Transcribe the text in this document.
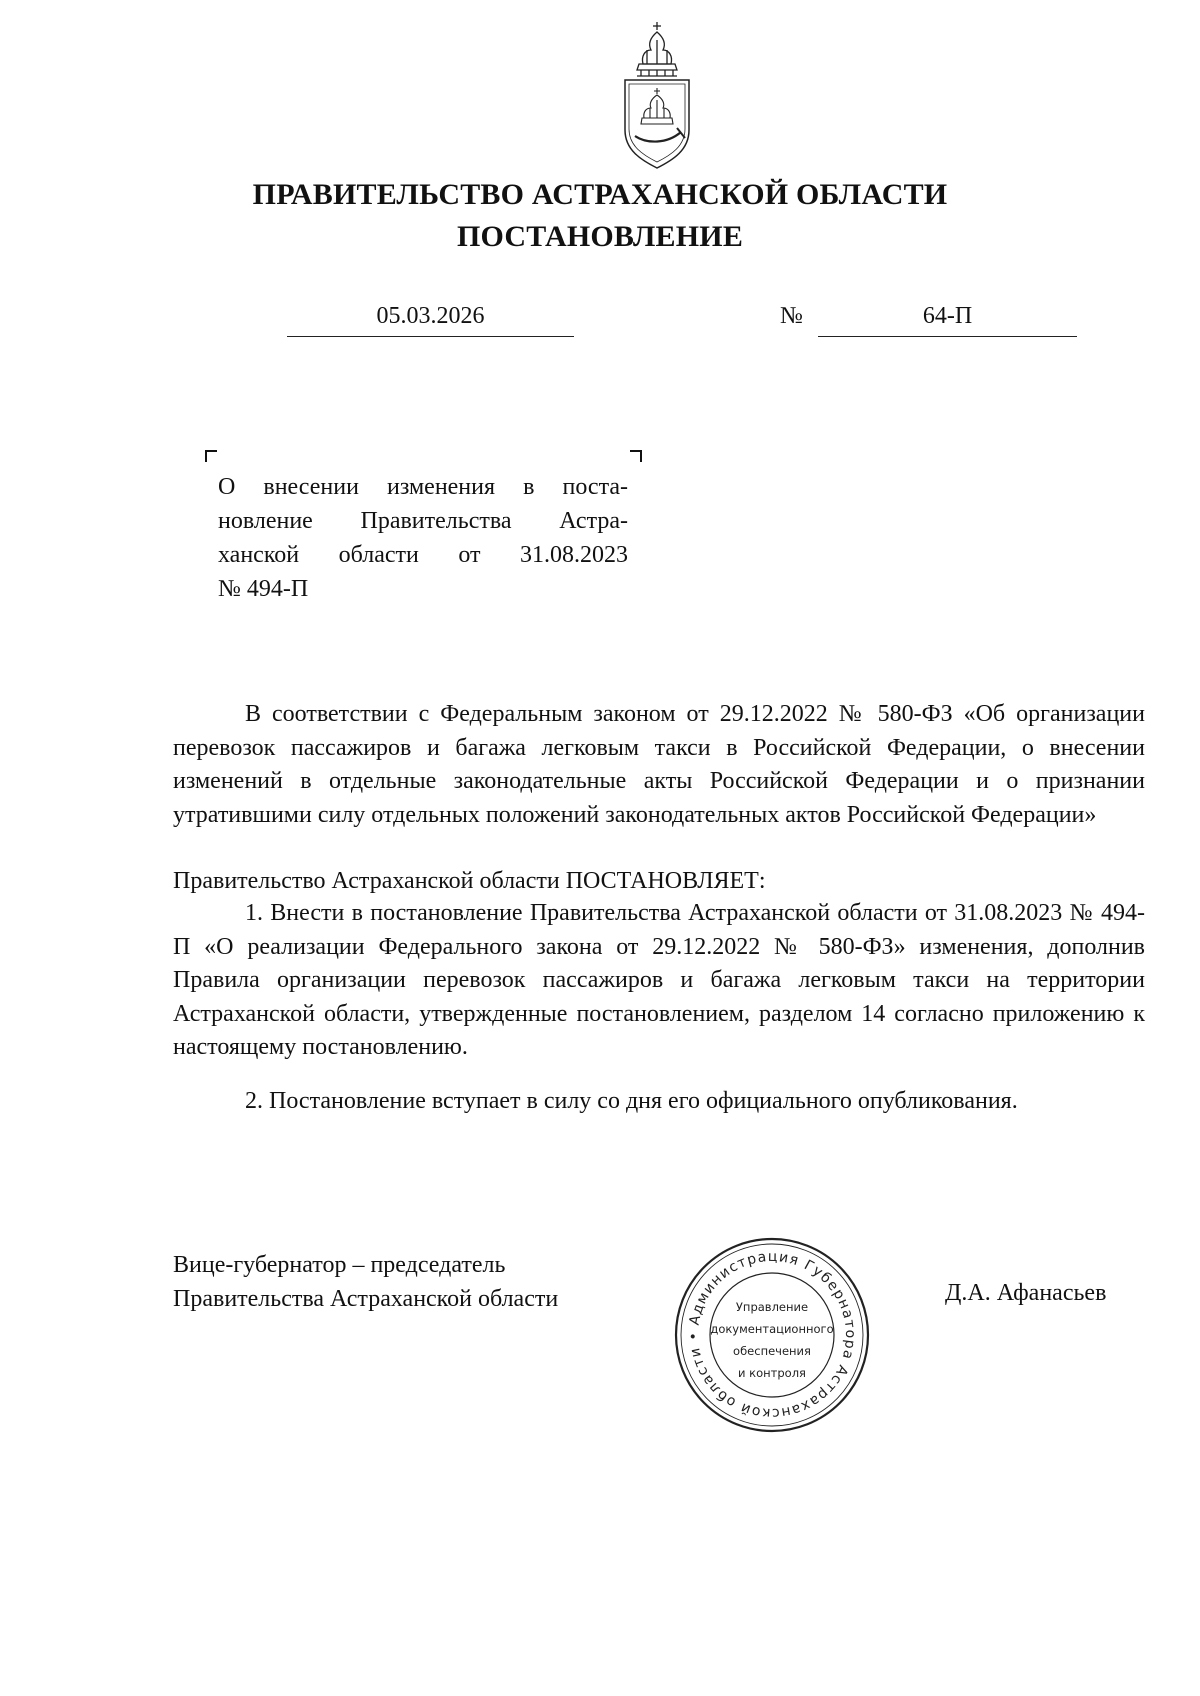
ПРАВИТЕЛЬСТВО АСТРАХАНСКОЙ ОБЛАСТИ
ПОСТАНОВЛЕНИЕ
05.03.2026	№	64-П
О внесении изменения в поста-
новление Правительства Астра-
ханской области от 31.08.2023
№ 494-П
В соответствии с Федеральным законом от 29.12.2022 № 580-ФЗ «Об организации перевозок пассажиров и багажа легковым такси в Российской Федерации, о внесении изменений в отдельные законодательные акты Российской Федерации и о признании утратившими силу отдельных положений законодательных актов Российской Федерации»
Правительство Астраханской области ПОСТАНОВЛЯЕТ:
1. Внести в постановление Правительства Астраханской области от 31.08.2023 № 494-П «О реализации Федерального закона от 29.12.2022 № 580-ФЗ» изменения, дополнив Правила организации перевозок пассажиров и багажа легковым такси на территории Астраханской области, утвержденные постановлением, разделом 14 согласно приложению к настоящему постановлению.
2. Постановление вступает в силу со дня его официального опубликования.
Вице-губернатор – председатель
Правительства Астраханской области	Д.А. Афанасьев
Администрация Губернатора Астраханской области •
Управление
документационного
обеспечения
и контроля
